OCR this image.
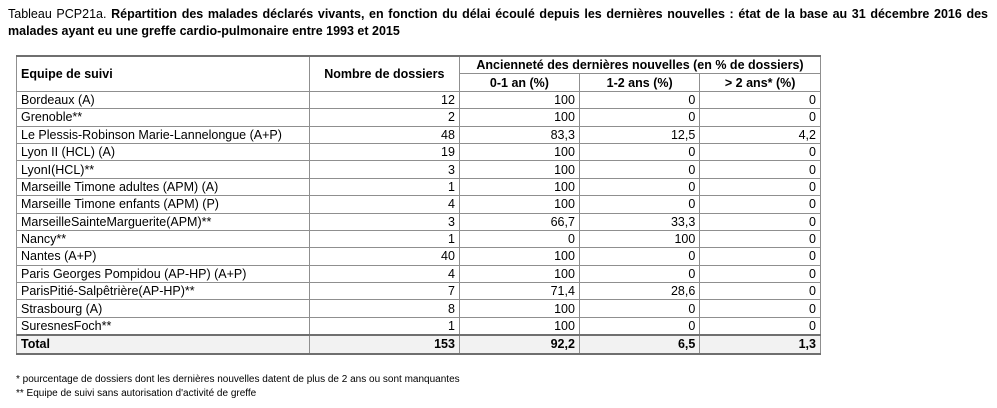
Tableau PCP21a. Répartition des malades déclarés vivants, en fonction du délai écoulé depuis les dernières nouvelles : état de la base au 31 décembre 2016 des malades ayant eu une greffe cardio-pulmonaire entre 1993 et 2015
Equipe de suivi	Nombre de dossiers	Ancienneté des dernières nouvelles (en % de dossiers)		
		0-1 an (%)	1-2 ans (%)	> 2 ans* (%)
Bordeaux (A)	12	100	0	0
Grenoble**	2	100	0	0
Le Plessis-Robinson Marie-Lannelongue (A+P)	48	83,3	12,5	4,2
Lyon II (HCL) (A)	19	100	0	0
LyonI(HCL)**	3	100	0	0
Marseille Timone adultes (APM) (A)	1	100	0	0
Marseille Timone enfants (APM) (P)	4	100	0	0
MarseilleSainteMarguerite(APM)**	3	66,7	33,3	0
Nancy**	1	0	100	0
Nantes (A+P)	40	100	0	0
Paris Georges Pompidou (AP-HP) (A+P)	4	100	0	0
ParisPitié-Salpêtrière(AP-HP)**	7	71,4	28,6	0
Strasbourg (A)	8	100	0	0
SuresnesFoch**	1	100	0	0
Total	153	92,2	6,5	1,3
* pourcentage de dossiers dont les dernières nouvelles datent de plus de 2 ans ou sont manquantes
** Equipe de suivi sans autorisation d'activité de greffe
